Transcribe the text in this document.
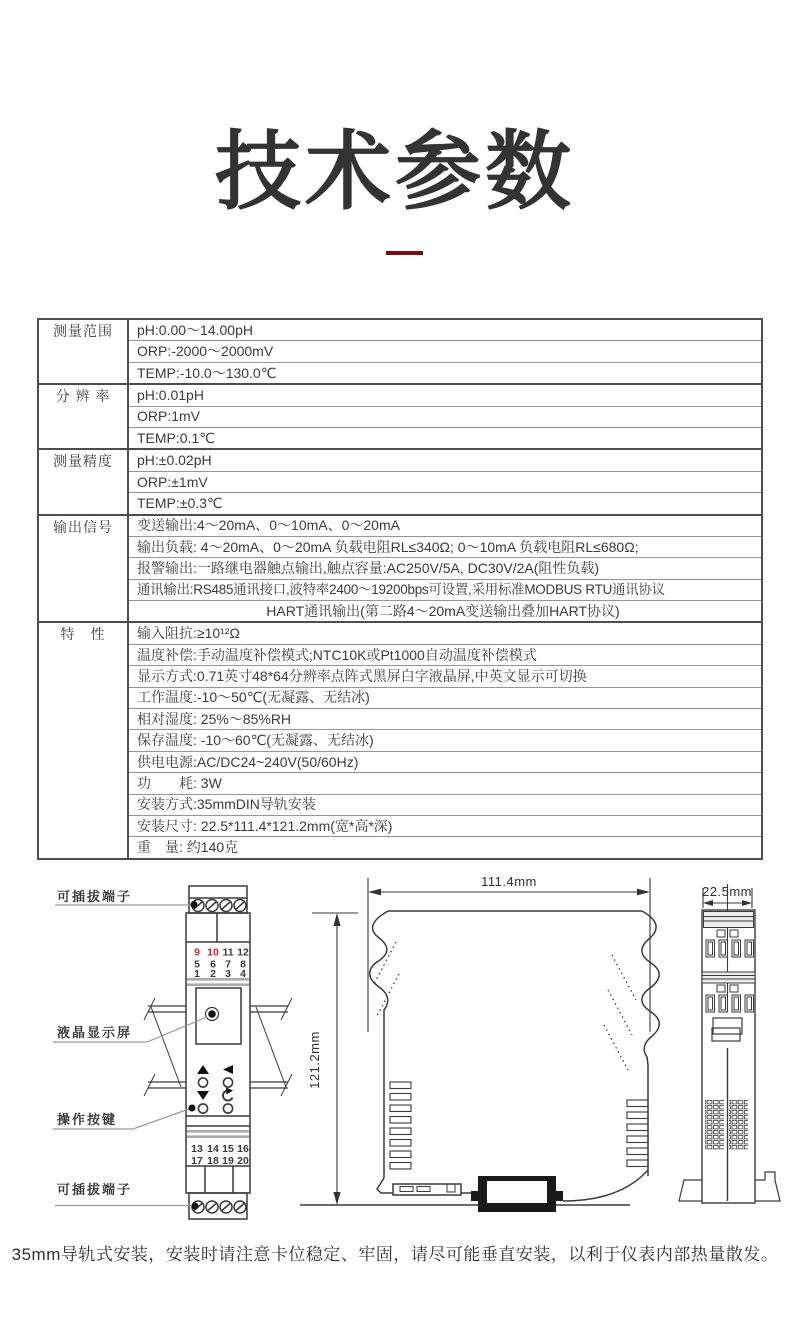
技术参数
测量范围	pH:0.00～14.00pH
	ORP:-2000～2000mV
	TEMP:-10.0～130.0℃
分 辨 率	pH:0.01pH
	ORP:1mV
	TEMP:0.1℃
测量精度	pH:±0.02pH
	ORP:±1mV
	TEMP:±0.3℃
输出信号	变送输出:4～20mA、0～10mA、0～20mA
	输出负载: 4～20mA、0～20mA 负载电阻RL≤340Ω; 0～10mA 负载电阻RL≤680Ω;
	报警输出:一路继电器触点输出,触点容量:AC250V/5A, DC30V/2A(阻性负载)
	通讯输出:RS485通讯接口,波特率2400～19200bps可设置,采用标准MODBUS RTU通讯协议
	HART通讯输出(第二路4～20mA变送输出叠加HART协议)
特　性	输入阻抗:≥10¹²Ω
	温度补偿:手动温度补偿模式;NTC10K或Pt1000自动温度补偿模式
	显示方式:0.71英寸48*64分辨率点阵式黑屏白字液晶屏,中英文显示可切换
	工作温度:-10～50℃(无凝露、无结冰)
	相对湿度: 25%～85%RH
	保存温度: -10～60℃(无凝露、无结冰)
	供电电源:AC/DC24~240V(50/60Hz)
	功　　耗: 3W
	安装方式:35mmDIN导轨安装
	安装尺寸: 22.5*111.4*121.2mm(宽*高*深)
	重　量: 约140克
9 10 11 12
5 6 7 8
1 2 3 4
13 14 15 16
17 18 19 20
可插拔端子
液晶显示屏
操作按键
可插拔端子
111.4mm
121.2mm
22.5mm
35mm导轨式安装，安装时请注意卡位稳定、牢固，请尽可能垂直安装，以利于仪表内部热量散发。
